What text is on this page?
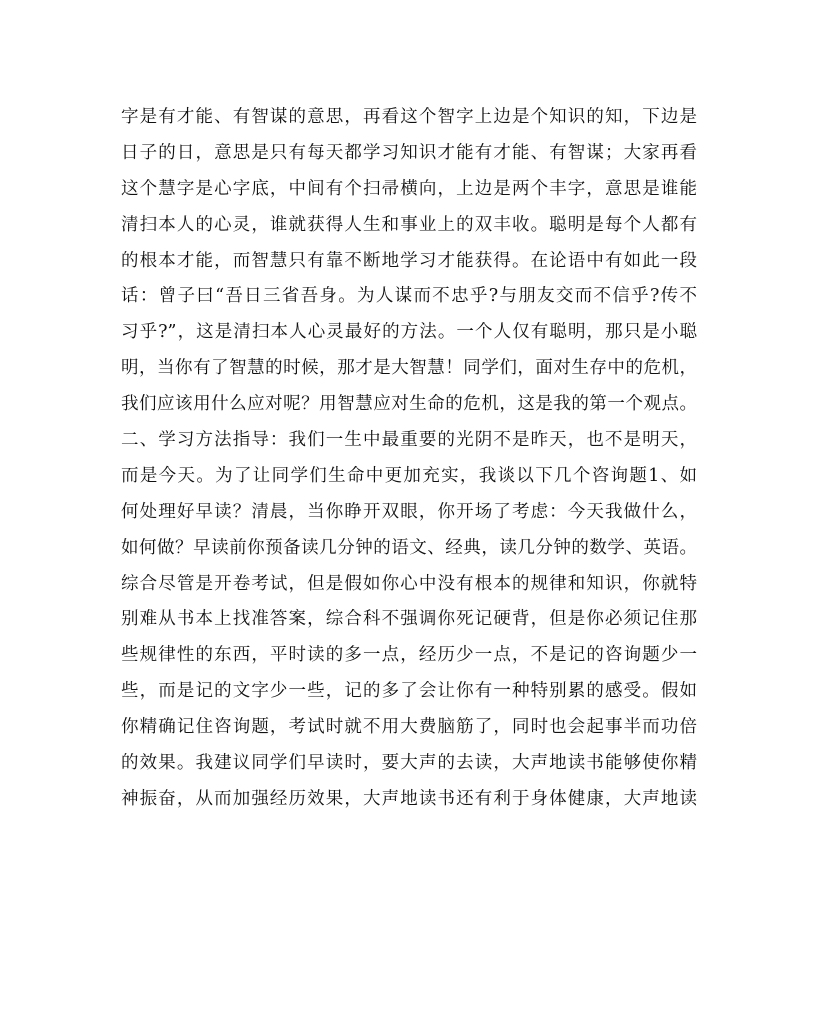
字是有才能、有智谋的意思，再看这个智字上边是个知识的知，下边是
日子的日，意思是只有每天都学习知识才能有才能、有智谋；大家再看
这个慧字是心字底，中间有个扫帚横向，上边是两个丰字，意思是谁能
清扫本人的心灵，谁就获得人生和事业上的双丰收。聪明是每个人都有
的根本才能，而智慧只有靠不断地学习才能获得。在论语中有如此一段
话：曾子曰“吾日三省吾身。为人谋而不忠乎?与朋友交而不信乎?传不
习乎?”，这是清扫本人心灵最好的方法。一个人仅有聪明，那只是小聪
明，当你有了智慧的时候，那才是大智慧！同学们，面对生存中的危机，
我们应该用什么应对呢？用智慧应对生命的危机，这是我的第一个观点。
二、学习方法指导：我们一生中最重要的光阴不是昨天，也不是明天，
而是今天。为了让同学们生命中更加充实，我谈以下几个咨询题1、如
何处理好早读？清晨，当你睁开双眼，你开场了考虑：今天我做什么，
如何做？早读前你预备读几分钟的语文、经典，读几分钟的数学、英语。
综合尽管是开卷考试，但是假如你心中没有根本的规律和知识，你就特
别难从书本上找准答案，综合科不强调你死记硬背，但是你必须记住那
些规律性的东西，平时读的多一点，经历少一点，不是记的咨询题少一
些，而是记的文字少一些，记的多了会让你有一种特别累的感受。假如
你精确记住咨询题，考试时就不用大费脑筋了，同时也会起事半而功倍
的效果。我建议同学们早读时，要大声的去读，大声地读书能够使你精
神振奋，从而加强经历效果，大声地读书还有利于身体健康，大声地读
